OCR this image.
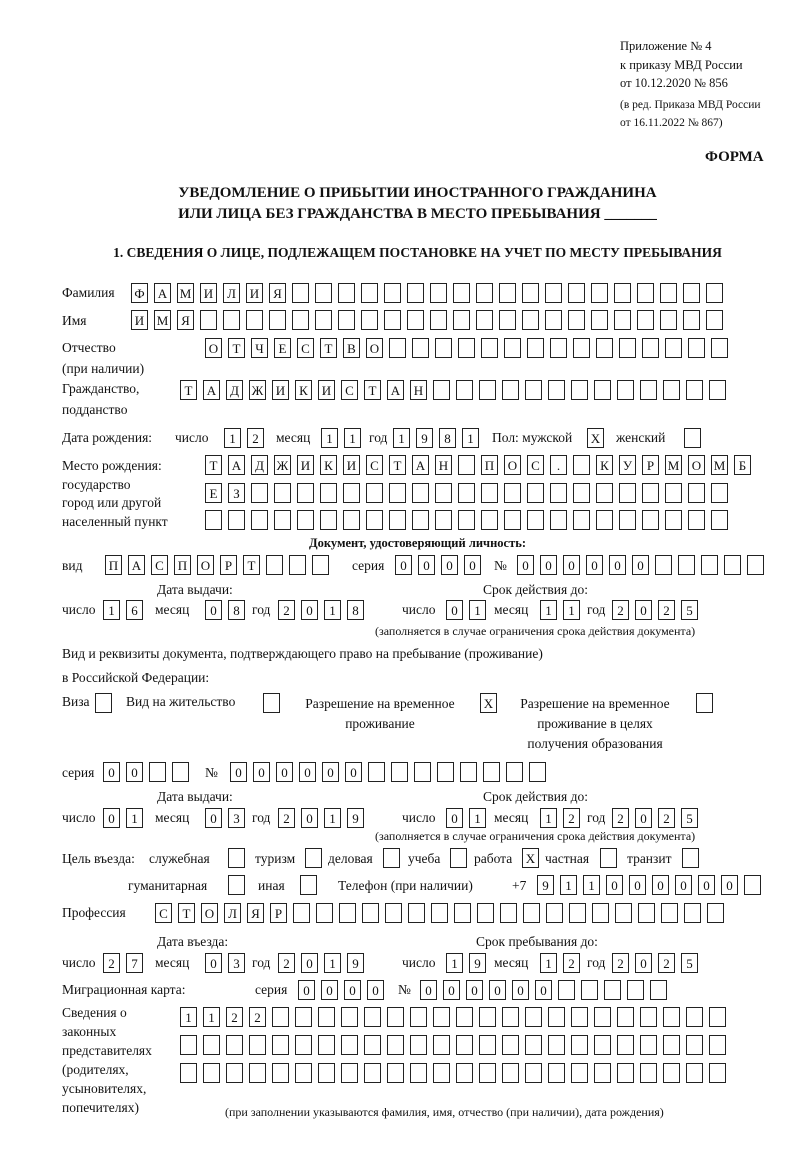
Приложение № 4
к приказу МВД России
от 10.12.2020 № 856
(в ред. Приказа МВД России
от 16.11.2022 № 867)
ФОРМА
УВЕДОМЛЕНИЕ О ПРИБЫТИИ ИНОСТРАННОГО ГРАЖДАНИНА
ИЛИ ЛИЦА БЕЗ ГРАЖДАНСТВА В МЕСТО ПРЕБЫВАНИЯ _______
1. СВЕДЕНИЯ О ЛИЦЕ, ПОДЛЕЖАЩЕМ ПОСТАНОВКЕ НА УЧЕТ ПО МЕСТУ ПРЕБЫВАНИЯ
Фамилия Ф А М И	Л	И	Я
Имя	И М Я
Отчество
(при наличии)
О	Т	Ч	Е	С	Т	В	О
Гражданство,
подданство
Т	А	Д Ж И	К	И	С	Т	А Н
Дата рождения: число	1	2	месяц	1	1 год 1	9	8	1	Пол: мужской X женский
Место рождения:
государство
город или другой
населенный пункт
Т	А	Д Ж И	К	И	С	Т	А Н	П О	С	.	К	У	Р	М О М	Б
Е	З
Документ, удостоверяющий личность:
вид П А	С	П О	Р	Т	серия	0	0	0	0	№	0	0	0	0	0	0
Дата выдачи:	Срок действия до:
число 1	6	месяц	0	8 год 2	0	1	8	число	0	1 месяц	1	1 год 2	0	2	5
(заполняется в случае ограничения срока действия документа)
Вид и реквизиты документа, подтверждающего право на пребывание (проживание)
в Российской Федерации:
Виза	Вид на жительство	Разрешение на временное
проживание
X	Разрешение на временное
проживание в целях
получения образования
серия	0	0	№	0	0	0	0	0	0
Дата выдачи:	Срок действия до:
число 0	1	месяц	0	3 год 2	0	1	9	число	0	1 месяц	1	2 год 2	0	2	5
(заполняется в случае ограничения срока действия документа)
Цель въезда: служебная	туризм деловая	учеба работа X частная	транзит
гуманитарная	иная	Телефон (при наличии)	+7	9	1	1	0	0	0	0	0	0
Профессия	С	Т	О	Л	Я	Р
Дата въезда:	Срок пребывания до:
число 2	7	месяц	0	3 год 2	0	1	9	число	1	9 месяц	1	2 год 2	0	2	5
Миграционная карта:	серия	0	0	0	0	№	0	0	0	0	0	0
Сведения о
законных
представителях
(родителях,
усыновителях,
попечителях)
1	1	2	2
(при заполнении указываются фамилия, имя, отчество (при наличии), дата рождения)
